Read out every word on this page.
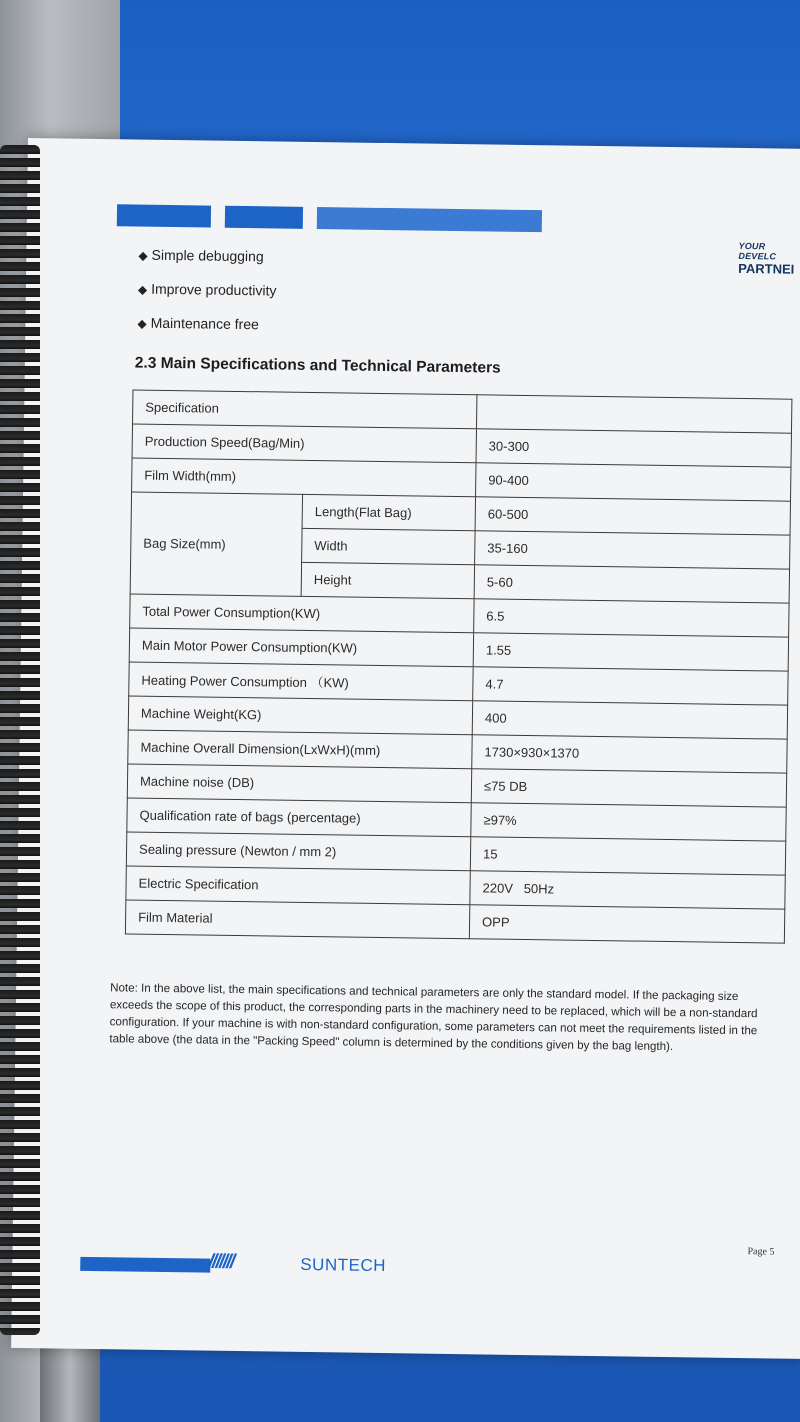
YOUR DEVELC
PARTNEI
◆ Simple debugging
◆ Improve productivity
◆ Maintenance free
2.3 Main Specifications and Technical Parameters
Specification		
Production Speed(Bag/Min)		30-300
Film Width(mm)		90-400
Bag Size(mm)	Length(Flat Bag)	60-500
	Width	35-160
	Height	5-60
Total Power Consumption(KW)		6.5
Main Motor Power Consumption(KW)		1.55
Heating Power Consumption （KW)		4.7
Machine Weight(KG)		400
Machine Overall Dimension(LxWxH)(mm)		1730×930×1370
Machine noise (DB)		≤75 DB
Qualification rate of bags (percentage)		≥97%
Sealing pressure (Newton / mm 2)		15
Electric Specification		220V   50Hz
Film Material		OPP
Note: In the above list, the main specifications and technical parameters are only the standard model. If the packaging size exceeds the scope of this product, the corresponding parts in the machinery need to be replaced, which will be a non-standard configuration. If your machine is with non-standard configuration, some parameters can not meet the requirements listed in the table above (the data in the "Packing Speed" column is determined by the conditions given by the bag length).
///////	SUNTECH
Page 5
